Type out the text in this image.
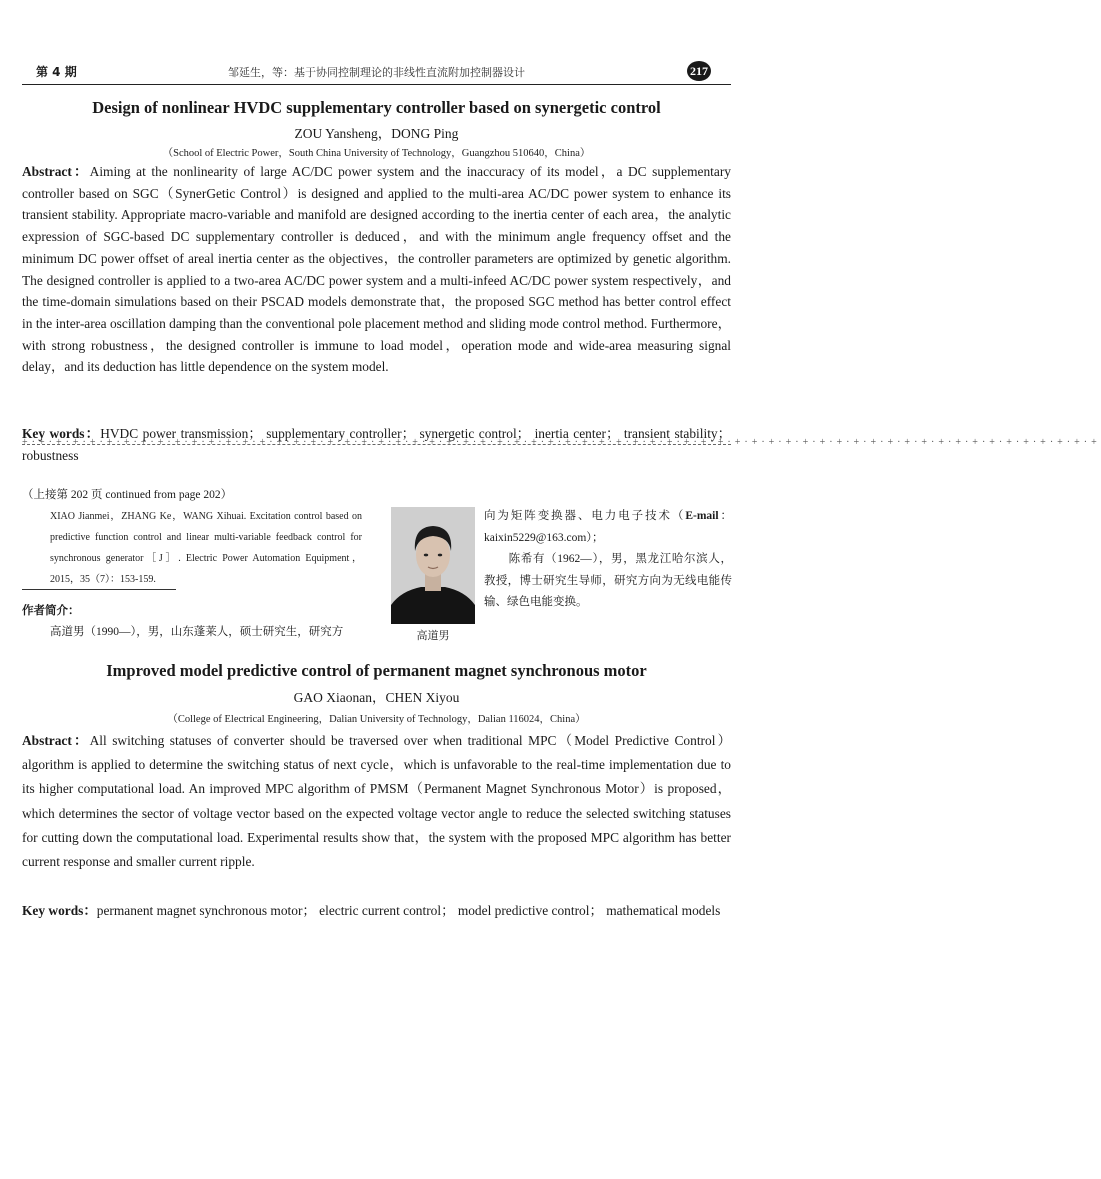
第 4 期	邹延生，等：基于协同控制理论的非线性直流附加控制器设计	217
Design of nonlinear HVDC supplementary controller based on synergetic control
ZOU Yansheng，DONG Ping
（School of Electric Power，South China University of Technology，Guangzhou 510640，China）
Abstract：Aiming at the nonlinearity of large AC/DC power system and the inaccuracy of its model，a DC supplementary controller based on SGC（SynerGetic Control）is designed and applied to the multi-area AC/DC power system to enhance its transient stability. Appropriate macro-variable and manifold are designed according to the inertia center of each area，the analytic expression of SGC-based DC supplementary controller is deduced，and with the minimum angle frequency offset and the minimum DC power offset of areal inertia center as the objectives，the controller parameters are optimized by genetic algorithm. The designed controller is applied to a two-area AC/DC power system and a multi-infeed AC/DC power system respectively，and the time-domain simulations based on their PSCAD models demonstrate that，the proposed SGC method has better control effect in the inter-area oscillation damping than the conventional pole placement method and sliding mode control method. Furthermore，with strong robustness，the designed controller is immune to load model，operation mode and wide-area measuring signal delay，and its deduction has little dependence on the system model.
Key words：HVDC power transmission； supplementary controller； synergetic control； inertia center； transient stability； robustness
+·+·+·+·+·+·+·+·+·+·+·+·+·+·+·+·+·+·+·+·+·+·+·+·+·+·+·+·+·+·+·+·+·+·+·+·+·+·+·+·+·+·+·+·+·+·+·+·+·+·+·+·+·+·+·+·+·+·+·+·+·+·+·+
（上接第 202 页 continued from page 202）
XIAO Jianmei，ZHANG Ke，WANG Xihuai. Excitation control based on predictive function control and linear multi-variable feedback control for synchronous generator［J］. Electric Power Automation Equipment，2015，35（7）：153-159.
作者简介：
高道男（1990—），男，山东蓬莱人，硕士研究生，研究方	高道男
向为矩阵变换器、电力电子技术（E-mail：kaixin5229@163.com）；
陈希有（1962—），男，黑龙江哈尔滨人，教授，博士研究生导师，研究方向为无线电能传输、绿色电能变换。
Improved model predictive control of permanent magnet synchronous motor
GAO Xiaonan，CHEN Xiyou
（College of Electrical Engineering，Dalian University of Technology，Dalian 116024，China）
Abstract：All switching statuses of converter should be traversed over when traditional MPC（Model Predictive Control）algorithm is applied to determine the switching status of next cycle，which is unfavorable to the real-time implementation due to its higher computational load. An improved MPC algorithm of PMSM（Permanent Magnet Synchronous Motor）is proposed，which determines the sector of voltage vector based on the expected voltage vector angle to reduce the selected switching statuses for cutting down the computational load. Experimental results show that，the system with the proposed MPC algorithm has better current response and smaller current ripple.
Key words：permanent magnet synchronous motor； electric current control； model predictive control； mathematical models
